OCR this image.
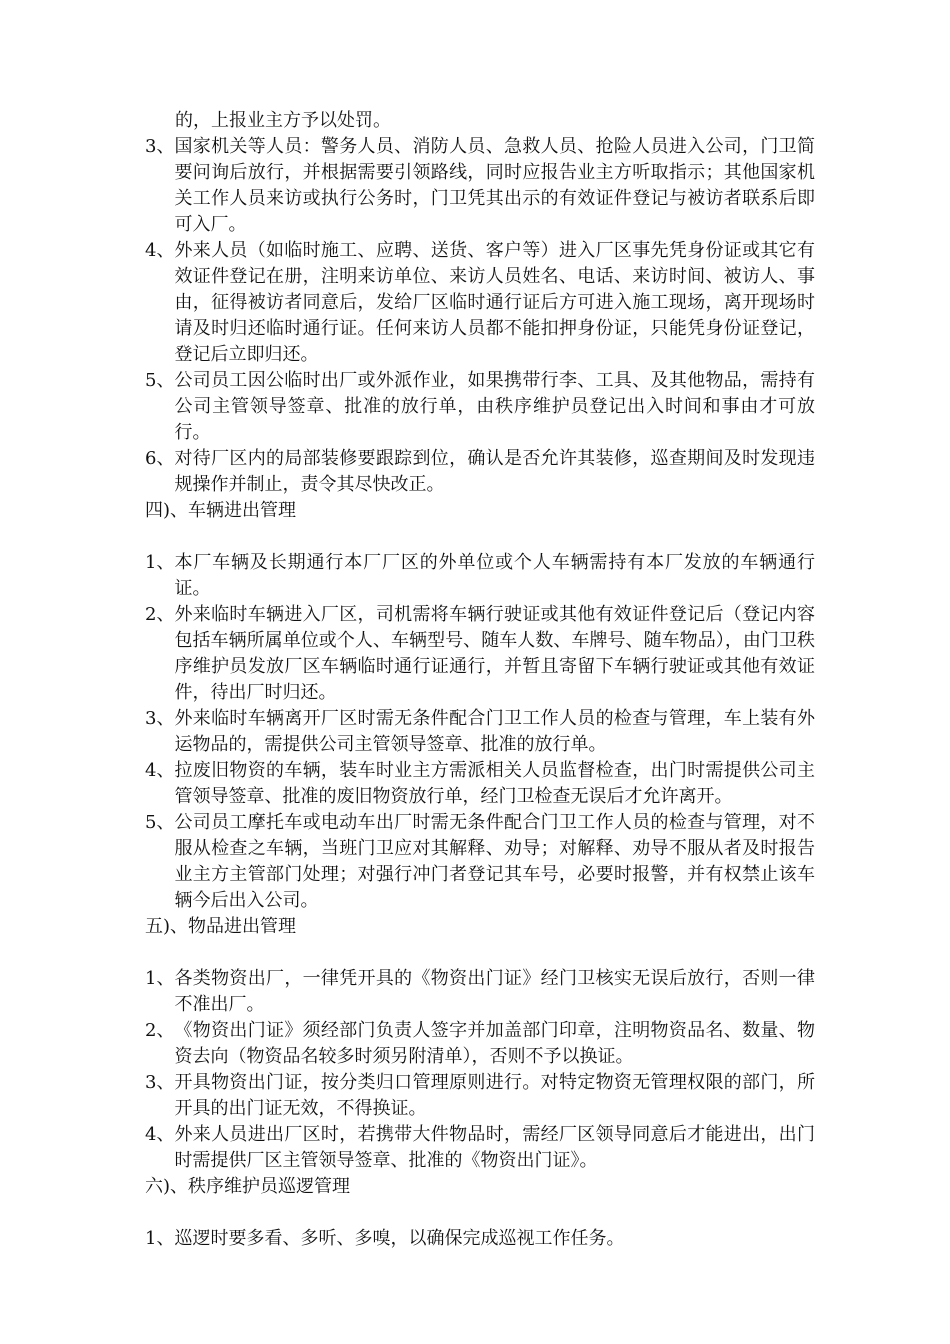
的，上报业主方予以处罚。
3、 国家机关等人员：警务人员、消防人员、急救人员、抢险人员进入公司，门卫简要问询后放行，并根据需要引领路线，同时应报告业主方听取指示；其他国家机关工作人员来访或执行公务时，门卫凭其出示的有效证件登记与被访者联系后即可入厂。
4、 外来人员（如临时施工、应聘、送货、客户等）进入厂区事先凭身份证或其它有效证件登记在册，注明来访单位、来访人员姓名、电话、来访时间、被访人、事由，征得被访者同意后，发给厂区临时通行证后方可进入施工现场，离开现场时请及时归还临时通行证。任何来访人员都不能扣押身份证，只能凭身份证登记，登记后立即归还。
5、 公司员工因公临时出厂或外派作业，如果携带行李、工具、及其他物品，需持有公司主管领导签章、批准的放行单，由秩序维护员登记出入时间和事由才可放行。
6、 对待厂区内的局部装修要跟踪到位，确认是否允许其装修，巡查期间及时发现违规操作并制止，责令其尽快改正。
四)、车辆进出管理
1、 本厂车辆及长期通行本厂厂区的外单位或个人车辆需持有本厂发放的车辆通行证。
2、 外来临时车辆进入厂区，司机需将车辆行驶证或其他有效证件登记后（登记内容包括车辆所属单位或个人、车辆型号、随车人数、车牌号、随车物品），由门卫秩序维护员发放厂区车辆临时通行证通行，并暂且寄留下车辆行驶证或其他有效证件，待出厂时归还。
3、 外来临时车辆离开厂区时需无条件配合门卫工作人员的检查与管理，车上装有外运物品的，需提供公司主管领导签章、批准的放行单。
4、 拉废旧物资的车辆，装车时业主方需派相关人员监督检查，出门时需提供公司主管领导签章、批准的废旧物资放行单，经门卫检查无误后才允许离开。
5、 公司员工摩托车或电动车出厂时需无条件配合门卫工作人员的检查与管理，对不服从检查之车辆，当班门卫应对其解释、劝导；对解释、劝导不服从者及时报告业主方主管部门处理；对强行冲门者登记其车号，必要时报警，并有权禁止该车辆今后出入公司。
五)、物品进出管理
1、 各类物资出厂，一律凭开具的《物资出门证》经门卫核实无误后放行，否则一律不准出厂。
2、 《物资出门证》须经部门负责人签字并加盖部门印章，注明物资品名、数量、物资去向（物资品名较多时须另附清单），否则不予以换证。
3、 开具物资出门证，按分类归口管理原则进行。对特定物资无管理权限的部门，所开具的出门证无效，不得换证。
4、 外来人员进出厂区时，若携带大件物品时，需经厂区领导同意后才能进出，出门时需提供厂区主管领导签章、批准的《物资出门证》。
六)、秩序维护员巡逻管理
1、 巡逻时要多看、多听、多嗅，以确保完成巡视工作任务。
